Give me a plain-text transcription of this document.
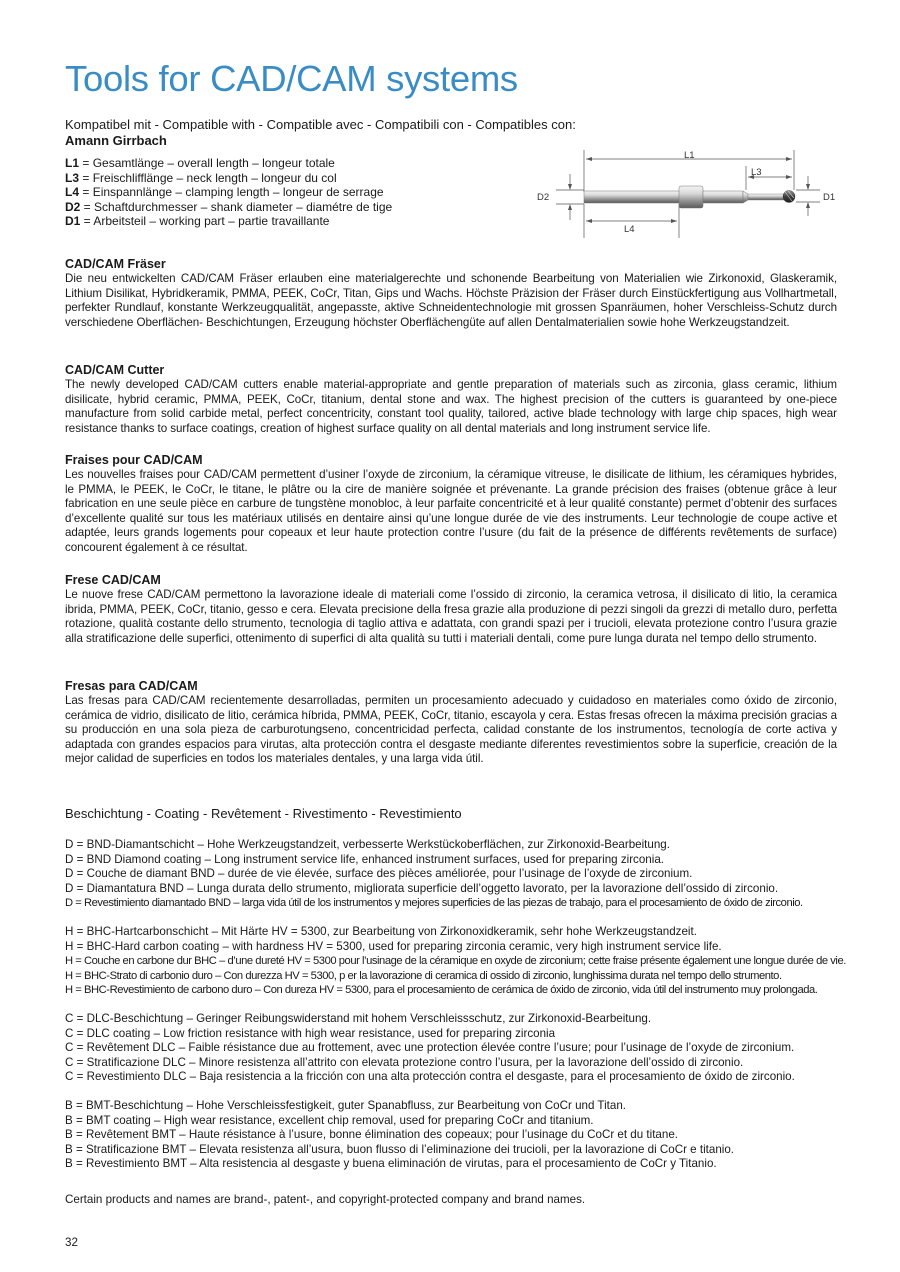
Tools for CAD/CAM systems
Kompatibel mit - Compatible with - Compatible avec - Compatibili con - Compatibles con:
Amann Girrbach
L1 = Gesamtlänge – overall length – longeur totale
L3 = Freischlifflänge – neck length – longeur du col
L4 = Einspannlänge – clamping length – longeur de serrage
D2 = Schaftdurchmesser – shank diameter – diamétre de tige
D1 = Arbeitsteil – working part – partie travaillante
L1
L3
L4
D2	D1
CAD/CAM Fräser

Die neu entwickelten CAD/CAM Fräser erlauben eine materialgerechte und schonende Bearbeitung von Materialien wie Zirkonoxid, Glaskeramik, Lithium Disilikat, Hybridkeramik, PMMA, PEEK, CoCr, Titan, Gips und Wachs. Höchste Präzision der Fräser durch Einstückfertigung aus Vollhartmetall, perfekter Rundlauf, konstante Werkzeugqualität, angepasste, aktive Schneidentechnologie mit grossen Spanräumen, hoher Verschleiss-Schutz durch verschiedene Oberflächen- Beschichtungen, Erzeugung höchster Oberflächengüte auf allen Dentalmaterialien sowie hohe Werkzeugstandzeit.

CAD/CAM Cutter

The newly developed CAD/CAM cutters enable material-appropriate and gentle preparation of materials such as zirconia, glass ceramic, lithium disilicate, hybrid ceramic, PMMA, PEEK, CoCr, titanium, dental stone and wax. The highest precision of the cutters is guaranteed by one-piece manufacture from solid carbide metal, perfect concentricity, constant tool quality, tailored, active blade technology with large chip spaces, high wear resistance thanks to surface coatings, creation of highest surface quality on all dental materials and long instrument service life.

Fraises pour CAD/CAM

Les nouvelles fraises pour CAD/CAM permettent d’usiner l’oxyde de zirconium, la céramique vitreuse, le disilicate de lithium, les céramiques hybrides, le PMMA, le PEEK, le CoCr, le titane, le plâtre ou la cire de manière soignée et prévenante. La grande précision des fraises (obtenue grâce à leur fabrication en une seule pièce en carbure de tungstène monobloc, à leur parfaite concentricité et à leur qualité constante) permet d’obtenir des surfaces d’excellente qualité sur tous les matériaux utilisés en dentaire ainsi qu’une longue durée de vie des instruments. Leur technologie de coupe active et adaptée, leurs grands logements pour copeaux et leur haute protection contre l’usure (du fait de la présence de différents revêtements de surface) concourent également à ce résultat.

Frese CAD/CAM

Le nuove frese CAD/CAM permettono la lavorazione ideale di materiali come l’ossido di zirconio, la ceramica vetrosa, il disilicato di litio, la ceramica ibrida, PMMA, PEEK, CoCr, titanio, gesso e cera. Elevata precisione della fresa grazie alla produzione di pezzi singoli da grezzi di metallo duro, perfetta rotazione, qualità costante dello strumento, tecnologia di taglio attiva e adattata, con grandi spazi per i trucioli, elevata protezione contro l’usura grazie alla stratificazione delle superfici, ottenimento di superfici di alta qualità su tutti i materiali dentali, come pure lunga durata nel tempo dello strumento.

Fresas para CAD/CAM

Las fresas para CAD/CAM recientemente desarrolladas, permiten un procesamiento adecuado y cuidadoso en materiales como óxido de zirconio, cerámica de vidrio, disilicato de litio, cerámica híbrida, PMMA, PEEK, CoCr, titanio, escayola y cera. Estas fresas ofrecen la máxima precisión gracias a su producción en una sola pieza de carburotungseno, concentricidad perfecta, calidad constante de los instrumentos, tecnología de corte activa y adaptada con grandes espacios para virutas, alta protección contra el desgaste mediante diferentes revestimientos sobre la superficie, creación de la mejor calidad de superficies en todos los materiales dentales, y una larga vida útil.

Beschichtung - Coating - Revêtement - Rivestimento - Revestimiento
D = BND-Diamantschicht – Hohe Werkzeugstandzeit, verbesserte Werkstückoberflächen, zur Zirkonoxid-Bearbeitung.
D = BND Diamond coating – Long instrument service life, enhanced instrument surfaces, used for preparing zirconia.
D = Couche de diamant BND – durée de vie élevée, surface des pièces améliorée, pour l’usinage de l’oxyde de zirconium.
D = Diamantatura BND – Lunga durata dello strumento, migliorata superficie dell’oggetto lavorato, per la lavorazione dell’ossido di zirconio.
D = Revestimiento diamantado BND – larga vida útil de los instrumentos y mejores superficies de las piezas de trabajo, para el procesamiento de óxido de zirconio.
H = BHC-Hartcarbonschicht – Mit Härte HV = 5300, zur Bearbeitung von Zirkonoxidkeramik, sehr hohe Werkzeugstandzeit.
H = BHC-Hard carbon coating – with hardness HV = 5300, used for preparing zirconia ceramic, very high instrument service life.
H = Couche en carbone dur BHC – d’une dureté HV = 5300 pour l’usinage de la céramique en oxyde de zirconium; cette fraise présente également une longue durée de vie.
H = BHC-Strato di carbonio duro – Con durezza HV = 5300, p er la lavorazione di ceramica di ossido di zirconio, lunghissima durata nel tempo dello strumento.
H = BHC-Revestimiento de carbono duro – Con dureza HV = 5300, para el procesamiento de cerámica de óxido de zirconio, vida útil del instrumento muy prolongada.
C = DLC-Beschichtung – Geringer Reibungswiderstand mit hohem Verschleissschutz, zur Zirkonoxid-Bearbeitung.
C = DLC coating – Low friction resistance with high wear resistance, used for preparing zirconia
C = Revêtement DLC – Faible résistance due au frottement, avec une protection élevée contre l’usure; pour l’usinage de l’oxyde de zirconium.
C = Stratificazione DLC – Minore resistenza all’attrito con elevata protezione contro l’usura, per la lavorazione dell’ossido di zirconio.
C = Revestimiento DLC – Baja resistencia a la fricción con una alta protección contra el desgaste, para el procesamiento de óxido de zirconio.
B = BMT-Beschichtung – Hohe Verschleissfestigkeit, guter Spanabfluss, zur Bearbeitung von CoCr und Titan.
B = BMT coating – High wear resistance, excellent chip removal, used for preparing CoCr and titanium.
B = Revêtement BMT – Haute résistance à l’usure, bonne élimination des copeaux; pour l’usinage du CoCr et du titane.
B = Stratificazione BMT – Elevata resistenza all’usura, buon flusso di l’eliminazione dei trucioli, per la lavorazione di CoCr e titanio.
B = Revestimiento BMT – Alta resistencia al desgaste y buena eliminación de virutas, para el procesamiento de CoCr y Titanio.
Certain products and names are brand-, patent-, and copyright-protected company and brand names.
32
